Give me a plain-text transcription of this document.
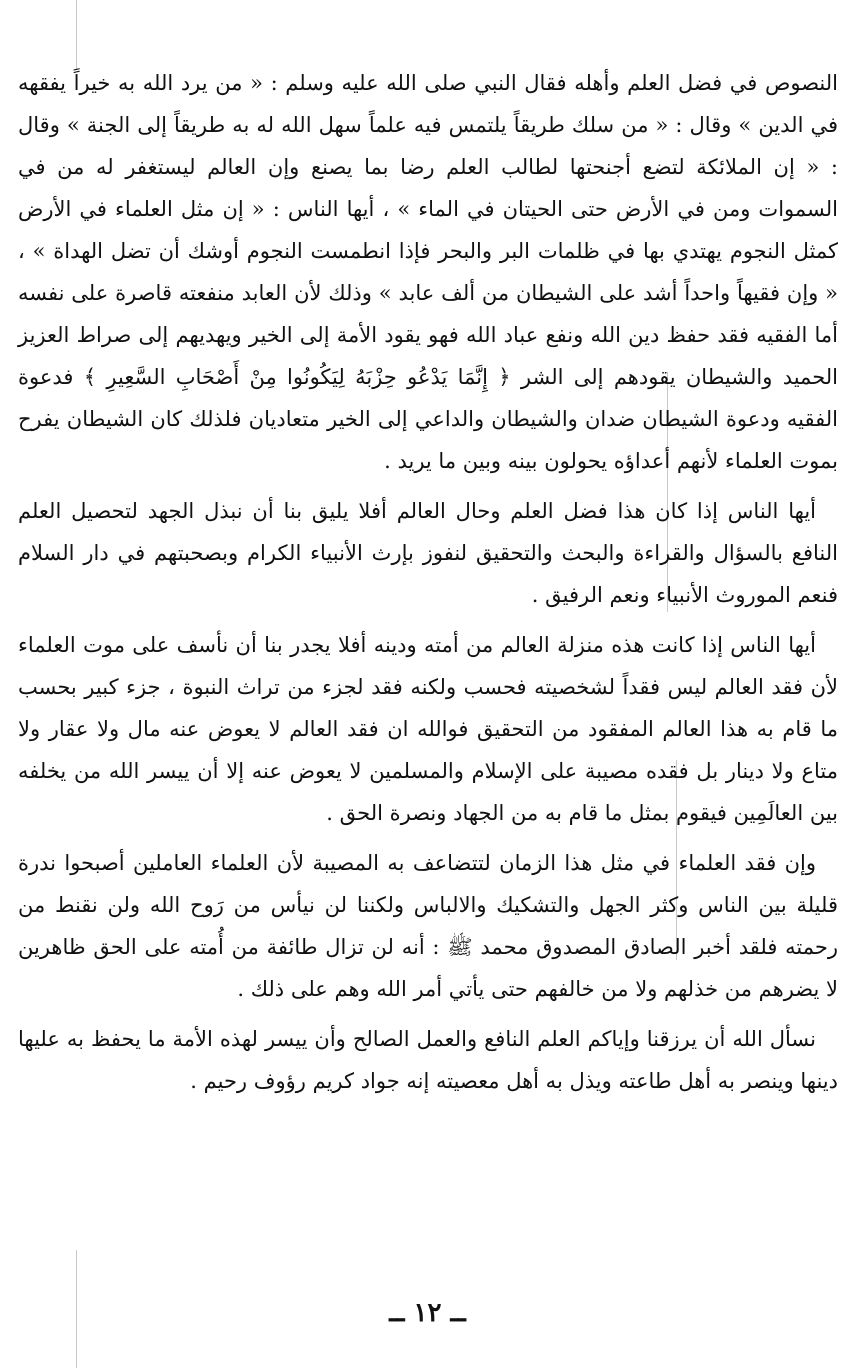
النصوص في فضل العلم وأهله فقال النبي صلى الله عليه وسلم : « من يرد الله به خيراً يفقهه في الدين » وقال : « من سلك طريقاً يلتمس فيه علماً سهل الله له به طريقاً إلى الجنة » وقال : « إن الملائكة لتضع أجنحتها لطالب العلم رضا بما يصنع وإن العالم ليستغفر له من في السموات ومن في الأرض حتى الحيتان في الماء » ، أيها الناس : « إن مثل العلماء في الأرض كمثل النجوم يهتدي بها في ظلمات البر والبحر فإذا انطمست النجوم أوشك أن تضل الهداة » ، « وإن فقيهاً واحداً أشد على الشيطان من ألف عابد » وذلك لأن العابد منفعته قاصرة على نفسه أما الفقيه فقد حفظ دين الله ونفع عباد الله فهو يقود الأمة إلى الخير ويهديهم إلى صراط العزيز الحميد والشيطان يقودهم إلى الشر ﴿ إِنَّمَا يَدْعُو حِزْبَهُ لِيَكُونُوا مِنْ أَصْحَابِ السَّعِيرِ ﴾ فدعوة الفقيه ودعوة الشيطان ضدان والشيطان والداعي إلى الخير متعاديان فلذلك كان الشيطان يفرح بموت العلماء لأنهم أعداؤه يحولون بينه وبين ما يريد .

أيها الناس إذا كان هذا فضل العلم وحال العالم أفلا يليق بنا أن نبذل الجهد لتحصيل العلم النافع بالسؤال والقراءة والبحث والتحقيق لنفوز بإرث الأنبياء الكرام وبصحبتهم في دار السلام فنعم الموروث الأنبياء ونعم الرفيق .

أيها الناس إذا كانت هذه منزلة العالم من أمته ودينه أفلا يجدر بنا أن نأسف على موت العلماء لأن فقد العالم ليس فقداً لشخصيته فحسب ولكنه فقد لجزء من تراث النبوة ، جزء كبير بحسب ما قام به هذا العالم المفقود من التحقيق فوالله ان فقد العالم لا يعوض عنه مال ولا عقار ولا متاع ولا دينار بل فقده مصيبة على الإسلام والمسلمين لا يعوض عنه إلا أن ييسر الله من يخلفه بين العالَمِين فيقوم بمثل ما قام به من الجهاد ونصرة الحق .

وإن فقد العلماء في مثل هذا الزمان لتتضاعف به المصيبة لأن العلماء العاملين أصبحوا ندرة قليلة بين الناس وكثر الجهل والتشكيك والالباس ولكننا لن نيأس من رَوح الله ولن نقنط من رحمته فلقد أخبر الصادق المصدوق محمد ﷺ : أنه لن تزال طائفة من أُمته على الحق ظاهرين لا يضرهم من خذلهم ولا من خالفهم حتى يأتي أمر الله وهم على ذلك .

نسأل الله أن يرزقنا وإياكم العلم النافع والعمل الصالح وأن ييسر لهذه الأمة ما يحفظ به عليها دينها وينصر به أهل طاعته ويذل به أهل معصيته إنه جواد كريم رؤوف رحيم .

ــ ١٢ ــ
